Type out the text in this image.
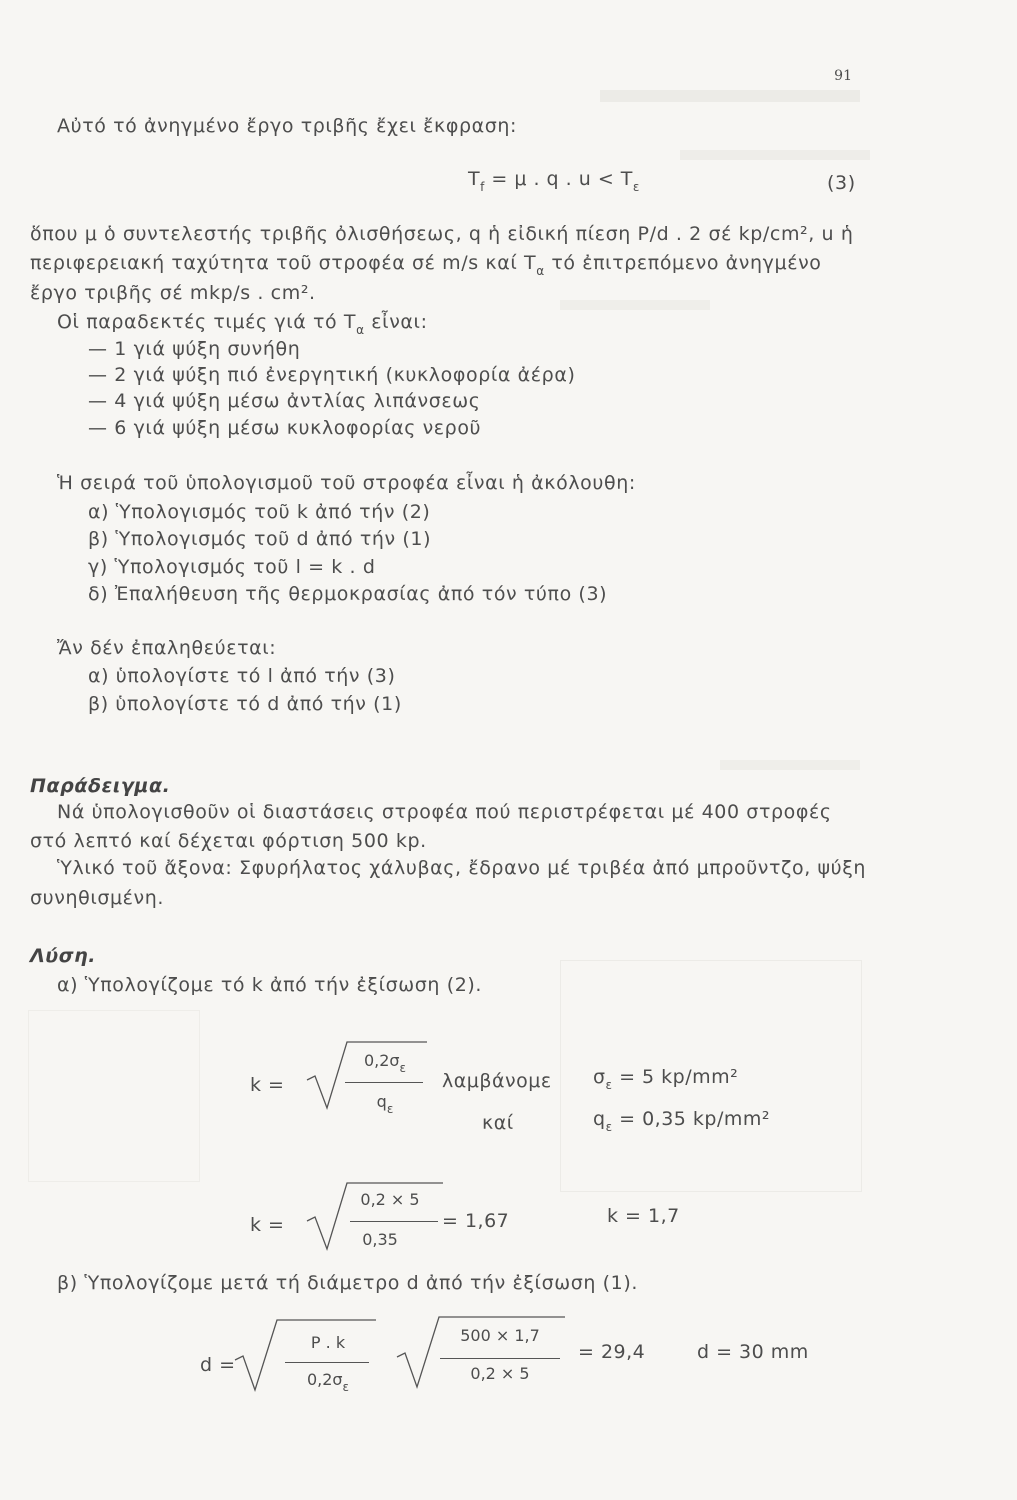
91
Αὐτό τό ἀνηγμένο ἔργο τριβῆς ἔχει ἔκφραση:
$T_f = \mu$ . q . $u < T_\varepsilon$	(3)
ὅπου μ ὁ συντελεστής τριβῆς ὀλισθήσεως, q ἡ εἰδική πίεση P/d . 2 σέ kp/cm², u ἡ
περιφερειακή ταχύτητα τοῦ στροφέα σέ m/s καί $T_\alpha$ τό ἐπιτρεπόμενο ἀνηγμένο
ἔργο τριβῆς σέ mkp/s . cm².
Οἱ παραδεκτές τιμές γιά τό $T_\alpha$ εἶναι:
— 1 γιά ψύξη συνήθη
— 2 γιά ψύξη πιό ἐνεργητική (κυκλοφορία ἀέρα)
— 4 γιά ψύξη μέσω ἀντλίας λιπάνσεως
— 6 γιά ψύξη μέσω κυκλοφορίας νεροῦ
Ἡ σειρά τοῦ ὑπολογισμοῦ τοῦ στροφέα εἶναι ἡ ἀκόλουθη:
α) Ὑπολογισμός τοῦ k ἀπό τήν (2)
β) Ὑπολογισμός τοῦ d ἀπό τήν (1)
γ) Ὑπολογισμός τοῦ l = k . d
δ) Ἐπαλήθευση τῆς θερμοκρασίας ἀπό τόν τύπο (3)
Ἄν δέν ἐπαληθεύεται:
α) ὑπολογίστε τό l ἀπό τήν (3)
β) ὑπολογίστε τό d ἀπό τήν (1)
Παράδειγμα.
Νά ὑπολογισθοῦν οἱ διαστάσεις στροφέα πού περιστρέφεται μέ 400 στροφές
στό λεπτό καί δέχεται φόρτιση 500 kp.
Ὑλικό τοῦ ἄξονα: Σφυρήλατος χάλυβας, ἔδρανο μέ τριβέα ἀπό μπροῦντζο, ψύξη
συνηθισμένη.
Λύση.
α) Ὑπολογίζομε τό k ἀπό τήν ἐξίσωση (2).
k =
$0,2\sigma_\varepsilon$
$q_\varepsilon$
λαμβάνομε $\sigma_\varepsilon = 5$ kp/mm²
καί	$q_\varepsilon = 0,35$ kp/mm²
k =
0,2 × 5
0,35
= 1,67	k = 1,7
β) Ὑπολογίζομε μετά τή διάμετρο d ἀπό τήν ἐξίσωση (1).
d =
P . k
$0,2\sigma_\varepsilon$
500 × 1,7
0,2 × 5
= 29,4	d = 30 mm
